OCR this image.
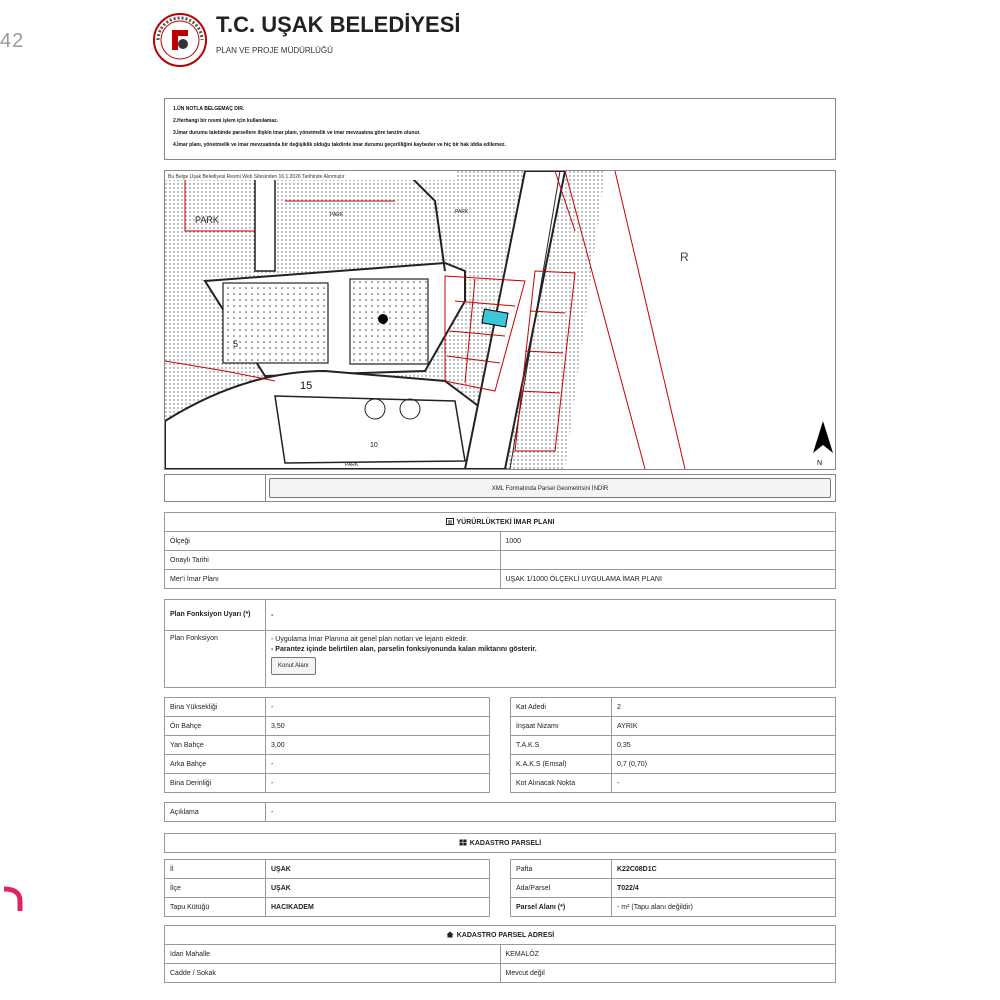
42
T.C. UŞAK BELEDİYESİ
PLAN VE PROJE MÜDÜRLÜĞÜ
1.ÜN NOTLA BELGEMAÇ DIR.
2.Herhangi bir resmi işlem için kullanılamaz.
3.İmar durumu talebinde parsellere ilişkin imar planı, yönetmelik ve imar mevzuatına göre tanzim olunur.
4.İmar planı, yönetmelik ve imar mevzuatında bir değişiklik olduğu takdirde imar durumu geçerliliğini kaybeder ve hiç bir hak iddia edilemez.
Bu Belge Uşak Belediyesi Resmi Web Sitesinden 16.1.2026 Tarihinde Alınmıştır
PARK	PARK	PARK
PARK
R
15
5
10
N
XML Formatında Parsel Geometrisini İNDİR
YÜRÜRLÜKTEKİ İMAR PLANI	
Ölçeği	1000
Onaylı Tarihi	
Mer'i İmar Planı	UŞAK 1/1000 ÖLÇEKLİ UYGULAMA İMAR PLANI
Plan Fonksiyon Uyarı (*)	-
Plan Fonksiyon	- Uygulama İmar Planına ait genel plan notları ve lejantı ektedir.
- Parantez içinde belirtilen alan, parselin fonksiyonunda kalan miktarını gösterir.
Konut Alanı
Bina Yüksekliği	-
Ön Bahçe	3,50
Yan Bahçe	3,00
Arka Bahçe	-
Bina Derinliği	-
Kat Adedi	2
İnşaat Nizamı	AYRIK
T.A.K.S	0,35
K.A.K.S (Emsal)	0,7 (0,70)
Kot Alınacak Nokta	-
Açıklama	-
KADASTRO PARSELİ
İl	UŞAK
İlçe	UŞAK
Tapu Kütüğü	HACIKADEM
Pafta	K22C08D1C
Ada/Parsel	T022/4
Parsel Alanı (*)	- m² (Tapu alanı değildir)
KADASTRO PARSEL ADRESİ	
Idari Mahalle	KEMALÖZ
Cadde / Sokak	Mevcut değil
